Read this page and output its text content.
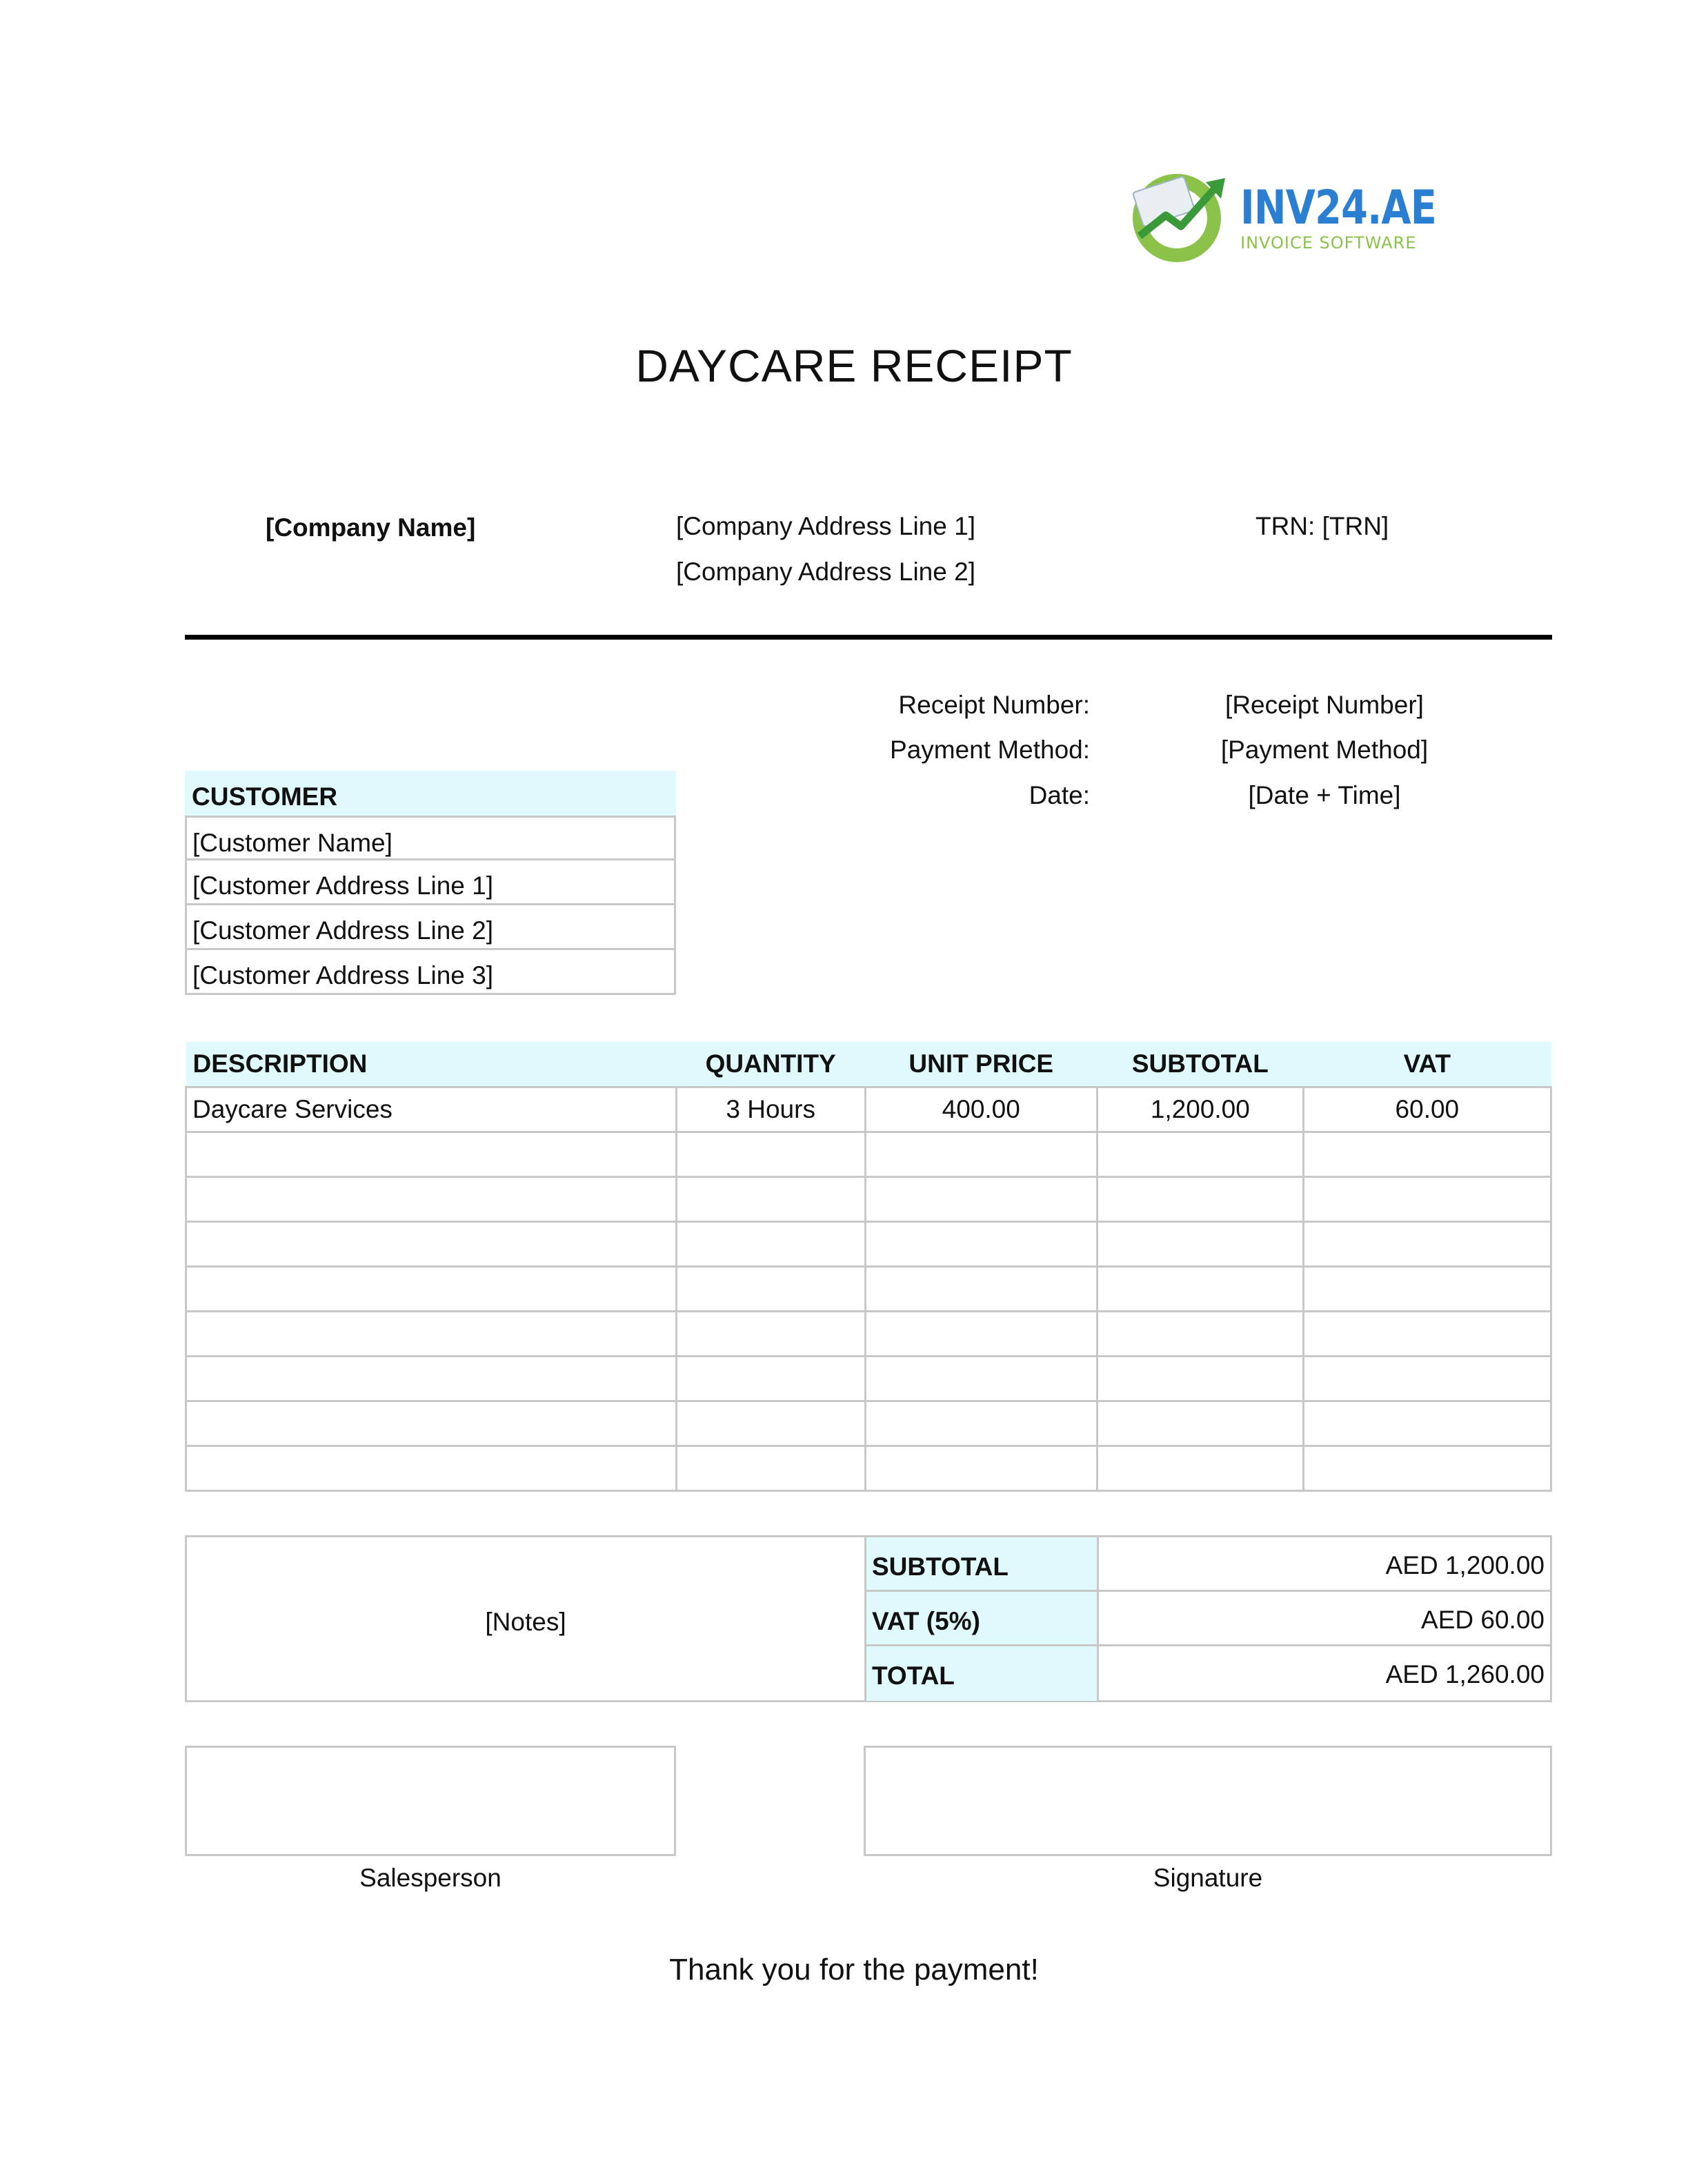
INV24.AE
INVOICE SOFTWARE
DAYCARE RECEIPT
[Company Name]	[Company Address Line 1]
[Company Address Line 2]
TRN: [TRN]
Receipt Number:	[Receipt Number]
Payment Method:	[Payment Method]
Date:	[Date + Time]
CUSTOMER
[Customer Name]
[Customer Address Line 1]
[Customer Address Line 2]
[Customer Address Line 3]
DESCRIPTION	QUANTITY	UNIT PRICE	SUBTOTAL	VAT
Daycare Services	3 Hours	400.00	1,200.00	60.00

[Notes]
SUBTOTAL	AED 1,200.00
VAT (5%)	AED 60.00
TOTAL	AED 1,260.00
Salesperson	Signature
Thank you for the payment!
